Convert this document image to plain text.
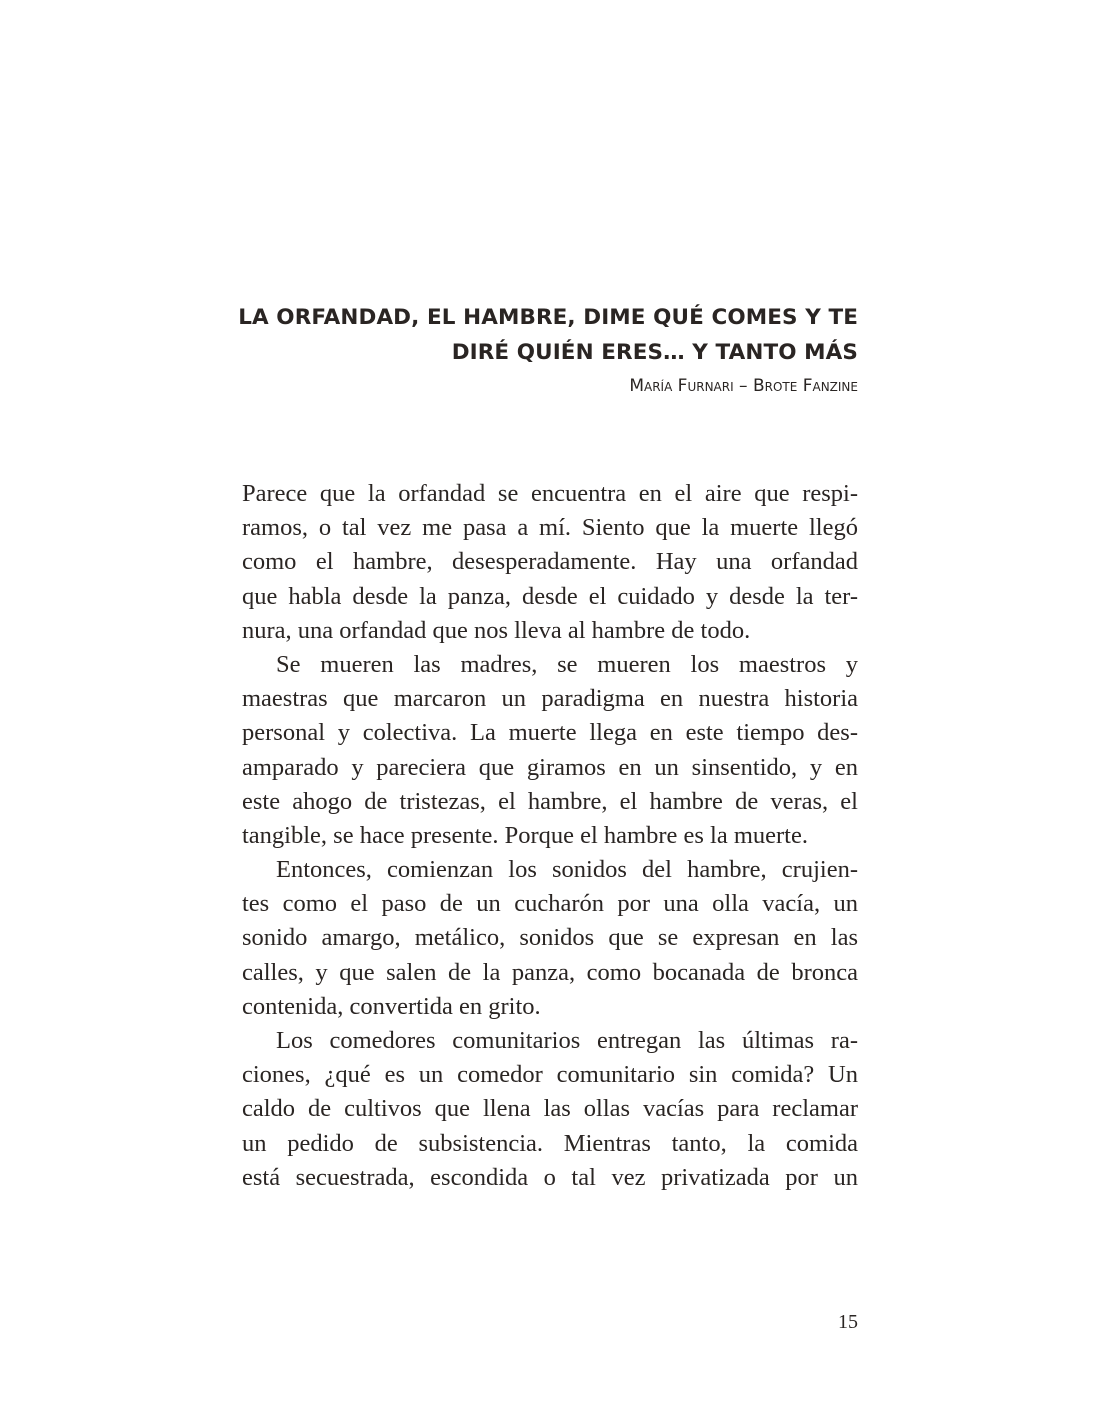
LA ORFANDAD, EL HAMBRE, DIME QUÉ COMES Y TE
DIRÉ QUIÉN ERES… Y TANTO MÁS
María Furnari – Brote Fanzine

Parece que la orfandad se encuentra en el aire que respi-
ramos, o tal vez me pasa a mí. Siento que la muerte llegó
como el hambre, desesperadamente. Hay una orfandad
que habla desde la panza, desde el cuidado y desde la ter-
nura, una orfandad que nos lleva al hambre de todo.

Se mueren las madres, se mueren los maestros y
maestras que marcaron un paradigma en nuestra historia
personal y colectiva. La muerte llega en este tiempo des-
amparado y pareciera que giramos en un sinsentido, y en
este ahogo de tristezas, el hambre, el hambre de veras, el
tangible, se hace presente. Porque el hambre es la muerte.

Entonces, comienzan los sonidos del hambre, crujien-
tes como el paso de un cucharón por una olla vacía, un
sonido amargo, metálico, sonidos que se expresan en las
calles, y que salen de la panza, como bocanada de bronca
contenida, convertida en grito.

Los comedores comunitarios entregan las últimas ra-
ciones, ¿qué es un comedor comunitario sin comida? Un
caldo de cultivos que llena las ollas vacías para reclamar
un pedido de subsistencia. Mientras tanto, la comida
está secuestrada, escondida o tal vez privatizada por un

15
